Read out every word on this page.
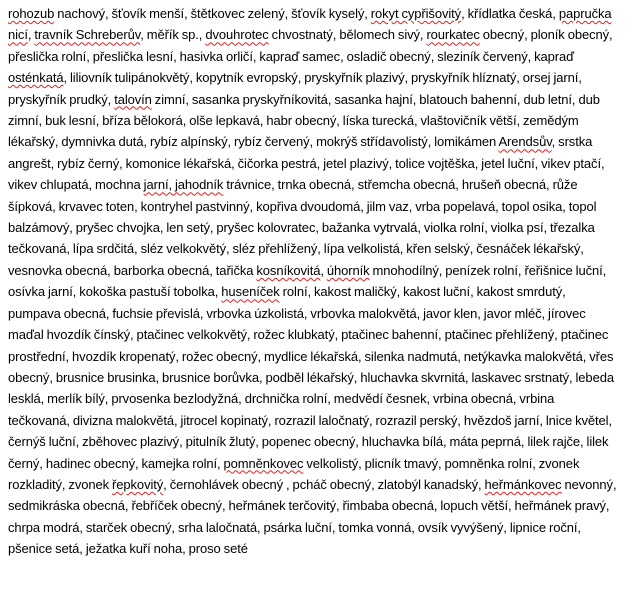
rohozub nachový, šťovík menší, štětkovec zelený, šťovík kyselý, rokyt cypřišovitý, křídlatka česká, papručka nicí, travník Schreberův, měřík sp., dvouhrotec chvostnatý, bělomech sivý, rourkatec obecný, ploník obecný, přeslička rolní, přeslička lesní, hasivka orličí, kapraď samec, osladič obecný, sleziník červený, kapraď osténkatá, liliovník tulipánokvětý, kopytník evropský, pryskyřník plazivý, pryskyřník hlíznatý, orsej jarní, pryskyřník prudký, talovín zimní, sasanka pryskyřníkovitá, sasanka hajní, blatouch bahenní, dub letní, dub zimní, buk lesní, bříza bělokorá, olše lepkavá, habr obecný, líska turecká, vlaštovičník větší, zemědým lékařský, dymnivka dutá, rybíz alpínský, rybíz červený, mokrýš střídavolistý, lomikámen Arendsův, srstka angrešt, rybíz černý, komonice lékařská, čičorka pestrá, jetel plazivý, tolice vojtěška, jetel luční, vikev ptačí, vikev chlupatá, mochna jarní, jahodník trávnice, trnka obecná, střemcha obecná, hrušeň obecná, růže šípková, krvavec toten, kontryhel pastvinný, kopřiva dvoudomá, jilm vaz, vrba popelavá, topol osika, topol balzámový, pryšec chvojka, len setý, pryšec kolovratec, bažanka vytrvalá, violka rolní, violka psí, třezalka tečkovaná, lípa srdčitá, sléz velkokvětý, sléz přehlížený, lípa velkolistá, křen selský, česnáček lékařský, vesnovka obecná, barborka obecná, tařička kosníkovitá, úhorník mnohodílný, penízek rolní, řeřišnice luční, osívka jarní, kokoška pastuší tobolka, huseníček rolní, kakost maličký, kakost luční, kakost smrdutý, pumpava obecná, fuchsie převislá, vrbovka úzkolistá, vrbovka malokvětá, javor klen, javor mléč, jírovec maďal hvozdík čínský, ptačinec velkokvětý, rožec klubkatý, ptačinec bahenní, ptačinec přehlížený, ptačinec prostřední, hvozdík kropenatý, rožec obecný, mydlice lékařská, silenka nadmutá, netýkavka malokvětá, vřes obecný, brusnice brusinka, brusnice borůvka, podběl lékařský, hluchavka skvrnitá, laskavec srstnatý, lebeda lesklá, merlík bílý, prvosenka bezlodyžná, drchnička rolní, medvědí česnek, vrbina obecná, vrbina tečkovaná, divizna malokvětá, jitrocel kopinatý, rozrazil laločnatý, rozrazil perský, hvězdoš jarní, lnice květel, černýš luční, zběhovec plazivý, pitulník žlutý, popenec obecný, hluchavka bílá, máta peprná, lilek rajče, lilek černý, hadinec obecný, kamejka rolní, pomněnkovec velkolistý, plicník tmavý, pomněnka rolní, zvonek rozkladitý, zvonek řepkovitý, černohlávek obecný , pcháč obecný, zlatobýl kanadský, heřmánkovec nevonný, sedmikráska obecná, řebříček obecný, heřmánek terčovitý, řimbaba obecná, lopuch větší, heřmánek pravý, chrpa modrá, starček obecný, srha laločnatá, psárka luční, tomka vonná, ovsík vyvýšený, lipnice roční, pšenice setá, ježatka kuří noha, proso seté
